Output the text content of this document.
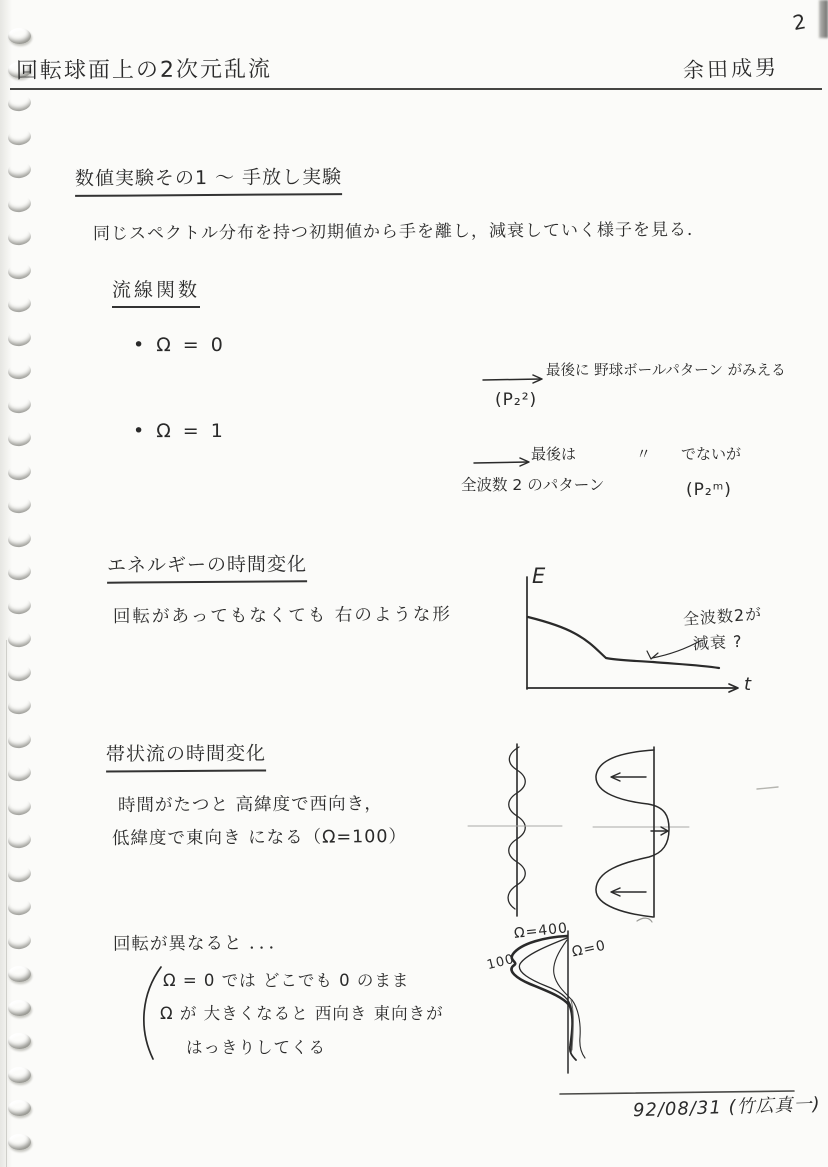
2
回転球面上の2次元乱流	余田成男
数値実験その1 〜 手放し実験
同じスペクトル分布を持つ初期値から手を離し，減衰していく様子を見る．
流線関数
• Ω = 0
• Ω = 1
最後に 野球ボールパターン がみえる
(P₂²)
最後は　　　　〃　　でないが
全波数 2 のパターン	(P₂ᵐ)
エネルギーの時間変化
回転があってもなくても 右のような形
E
t
全波数2が
減衰 ?
帯状流の時間変化
時間がたつと 高緯度で西向き，
低緯度で東向き になる（Ω=100）
回転が異なると ．．．
Ω = 0 では どこでも 0 のまま
Ω が 大きくなると 西向き 東向きが
はっきりしてくる
Ω=400
Ω=0
100
92/08/31 (竹広真一)
